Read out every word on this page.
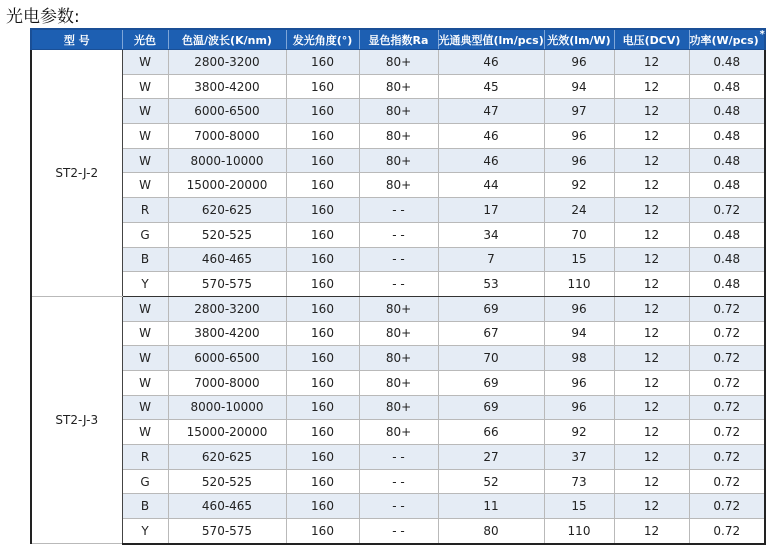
光电参数:
型 号	光色	色温/波长(K/nm)	发光角度(°)	显色指数Ra	光通典型值(lm/pcs)	光效(lm/W)	电压(DCV)	功率(W/pcs)*
ST2-J-2	W	2800-3200	160	80+	46	96	12	0.48
	W	3800-4200	160	80+	45	94	12	0.48
	W	6000-6500	160	80+	47	97	12	0.48
	W	7000-8000	160	80+	46	96	12	0.48
	W	8000-10000	160	80+	46	96	12	0.48
	W	15000-20000	160	80+	44	92	12	0.48
	R	620-625	160	- -	17	24	12	0.72
	G	520-525	160	- -	34	70	12	0.48
	B	460-465	160	- -	7	15	12	0.48
	Y	570-575	160	- -	53	110	12	0.48
ST2-J-3	W	2800-3200	160	80+	69	96	12	0.72
	W	3800-4200	160	80+	67	94	12	0.72
	W	6000-6500	160	80+	70	98	12	0.72
	W	7000-8000	160	80+	69	96	12	0.72
	W	8000-10000	160	80+	69	96	12	0.72
	W	15000-20000	160	80+	66	92	12	0.72
	R	620-625	160	- -	27	37	12	0.72
	G	520-525	160	- -	52	73	12	0.72
	B	460-465	160	- -	11	15	12	0.72
	Y	570-575	160	- -	80	110	12	0.72
